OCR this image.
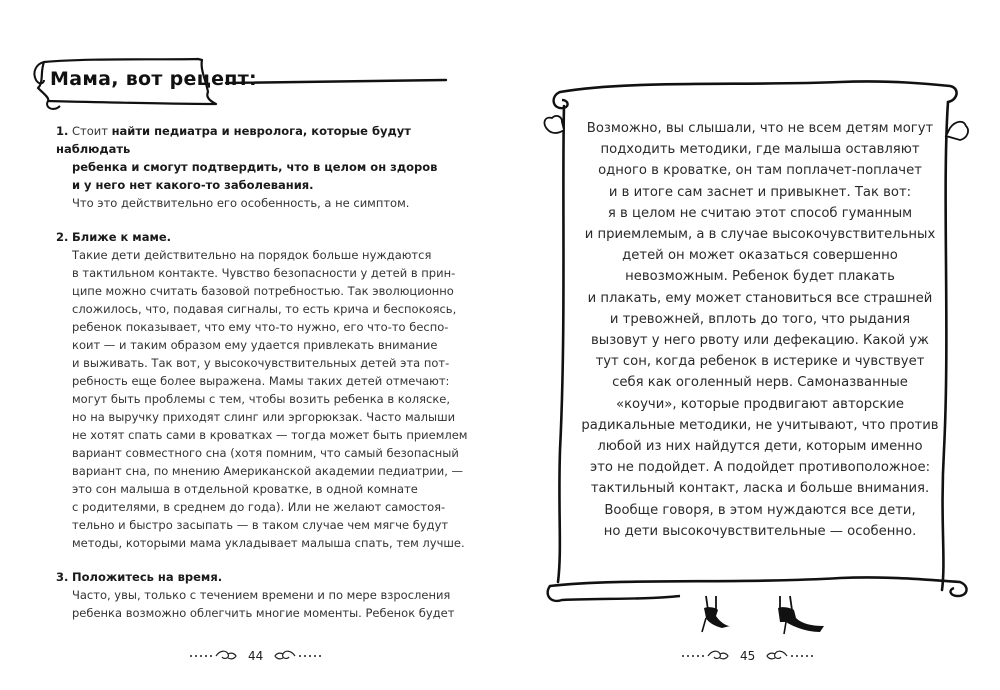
Мама, вот рецепт:
1. Стоит найти педиатра и невролога, которые будут наблюдать
ребенка и смогут подтвердить, что в целом он здоров
и у него нет какого-то заболевания.
Что это действительно его особенность, а не симптом.
2. Ближе к маме.
Такие дети действительно на порядок больше нуждаются
в тактильном контакте. Чувство безопасности у детей в прин-
ципе можно считать базовой потребностью. Так эволюционно
сложилось, что, подавая сигналы, то есть крича и беспокоясь,
ребенок показывает, что ему что-то нужно, его что-то беспо-
коит — и таким образом ему удается привлекать внимание
и выживать. Так вот, у высокочувствительных детей эта пот-
ребность еще более выражена. Мамы таких детей отмечают:
могут быть проблемы с тем, чтобы возить ребенка в коляске,
но на выручку приходят слинг или эргорюкзак. Часто малыши
не хотят спать сами в кроватках — тогда может быть приемлем
вариант совместного сна (хотя помним, что самый безопасный
вариант сна, по мнению Американской академии педиатрии, —
это сон малыша в отдельной кроватке, в одной комнате
с родителями, в среднем до года). Или не желают самостоя-
тельно и быстро засыпать — в таком случае чем мягче будут
методы, которыми мама укладывает малыша спать, тем лучше.
3. Положитесь на время.
Часто, увы, только с течением времени и по мере взросления
ребенка возможно облегчить многие моменты. Ребенок будет
44
Возможно, вы слышали, что не всем детям могут
подходить методики, где малыша оставляют
одного в кроватке, он там поплачет-поплачет
и в итоге сам заснет и привыкнет. Так вот:
я в целом не считаю этот способ гуманным
и приемлемым, а в случае высокочувствительных
детей он может оказаться совершенно
невозможным. Ребенок будет плакать
и плакать, ему может становиться все страшней
и тревожней, вплоть до того, что рыдания
вызовут у него рвоту или дефекацию. Какой уж
тут сон, когда ребенок в истерике и чувствует
себя как оголенный нерв. Самоназванные
«коучи», которые продвигают авторские
радикальные методики, не учитывают, что против
любой из них найдутся дети, которым именно
это не подойдет. А подойдет противоположное:
тактильный контакт, ласка и больше внимания.
Вообще говоря, в этом нуждаются все дети,
но дети высокочувствительные — особенно.
45
